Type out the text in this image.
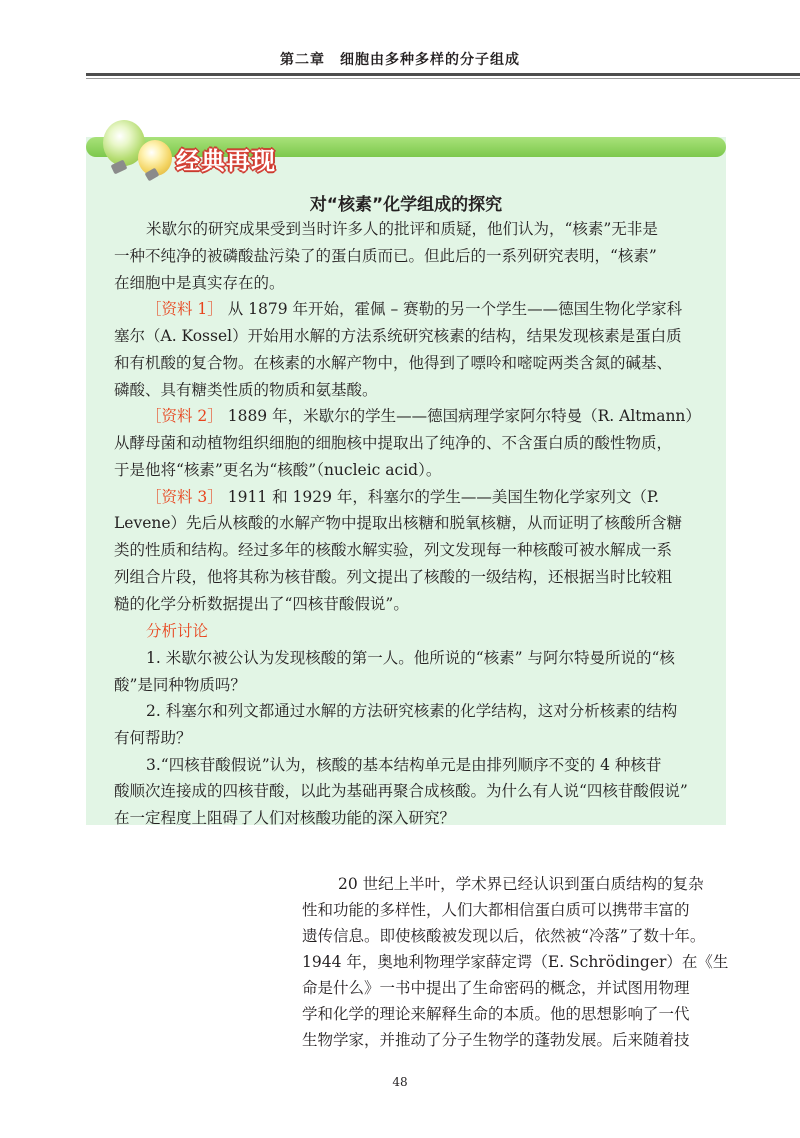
第二章　细胞由多种多样的分子组成
经典再现
对“核素”化学组成的探究
米歇尔的研究成果受到当时许多人的批评和质疑，他们认为，“核素”无非是
一种不纯净的被磷酸盐污染了的蛋白质而已。但此后的一系列研究表明，“核素”
在细胞中是真实存在的。
［资料 1］ 从 1879 年开始，霍佩 – 赛勒的另一个学生——德国生物化学家科
塞尔（A. Kossel）开始用水解的方法系统研究核素的结构，结果发现核素是蛋白质
和有机酸的复合物。在核素的水解产物中，他得到了嘌呤和嘧啶两类含氮的碱基、
磷酸、具有糖类性质的物质和氨基酸。
［资料 2］ 1889 年，米歇尔的学生——德国病理学家阿尔特曼（R. Altmann）
从酵母菌和动植物组织细胞的细胞核中提取出了纯净的、不含蛋白质的酸性物质，
于是他将“核素”更名为“核酸”（nucleic acid）。
［资料 3］ 1911 和 1929 年，科塞尔的学生——美国生物化学家列文（P.
Levene）先后从核酸的水解产物中提取出核糖和脱氧核糖，从而证明了核酸所含糖
类的性质和结构。经过多年的核酸水解实验，列文发现每一种核酸可被水解成一系
列组合片段，他将其称为核苷酸。列文提出了核酸的一级结构，还根据当时比较粗
糙的化学分析数据提出了“四核苷酸假说”。
分析讨论
1. 米歇尔被公认为发现核酸的第一人。他所说的“核素” 与阿尔特曼所说的“核
酸”是同种物质吗？
2. 科塞尔和列文都通过水解的方法研究核素的化学结构，这对分析核素的结构
有何帮助？
3.“四核苷酸假说”认为，核酸的基本结构单元是由排列顺序不变的 4 种核苷
酸顺次连接成的四核苷酸，以此为基础再聚合成核酸。为什么有人说“四核苷酸假说”
在一定程度上阻碍了人们对核酸功能的深入研究？
20 世纪上半叶，学术界已经认识到蛋白质结构的复杂
性和功能的多样性，人们大都相信蛋白质可以携带丰富的
遗传信息。即使核酸被发现以后，依然被“冷落”了数十年。
1944 年，奥地利物理学家薛定谔（E. Schrödinger）在《生
命是什么》一书中提出了生命密码的概念，并试图用物理
学和化学的理论来解释生命的本质。他的思想影响了一代
生物学家，并推动了分子生物学的蓬勃发展。后来随着技
48
